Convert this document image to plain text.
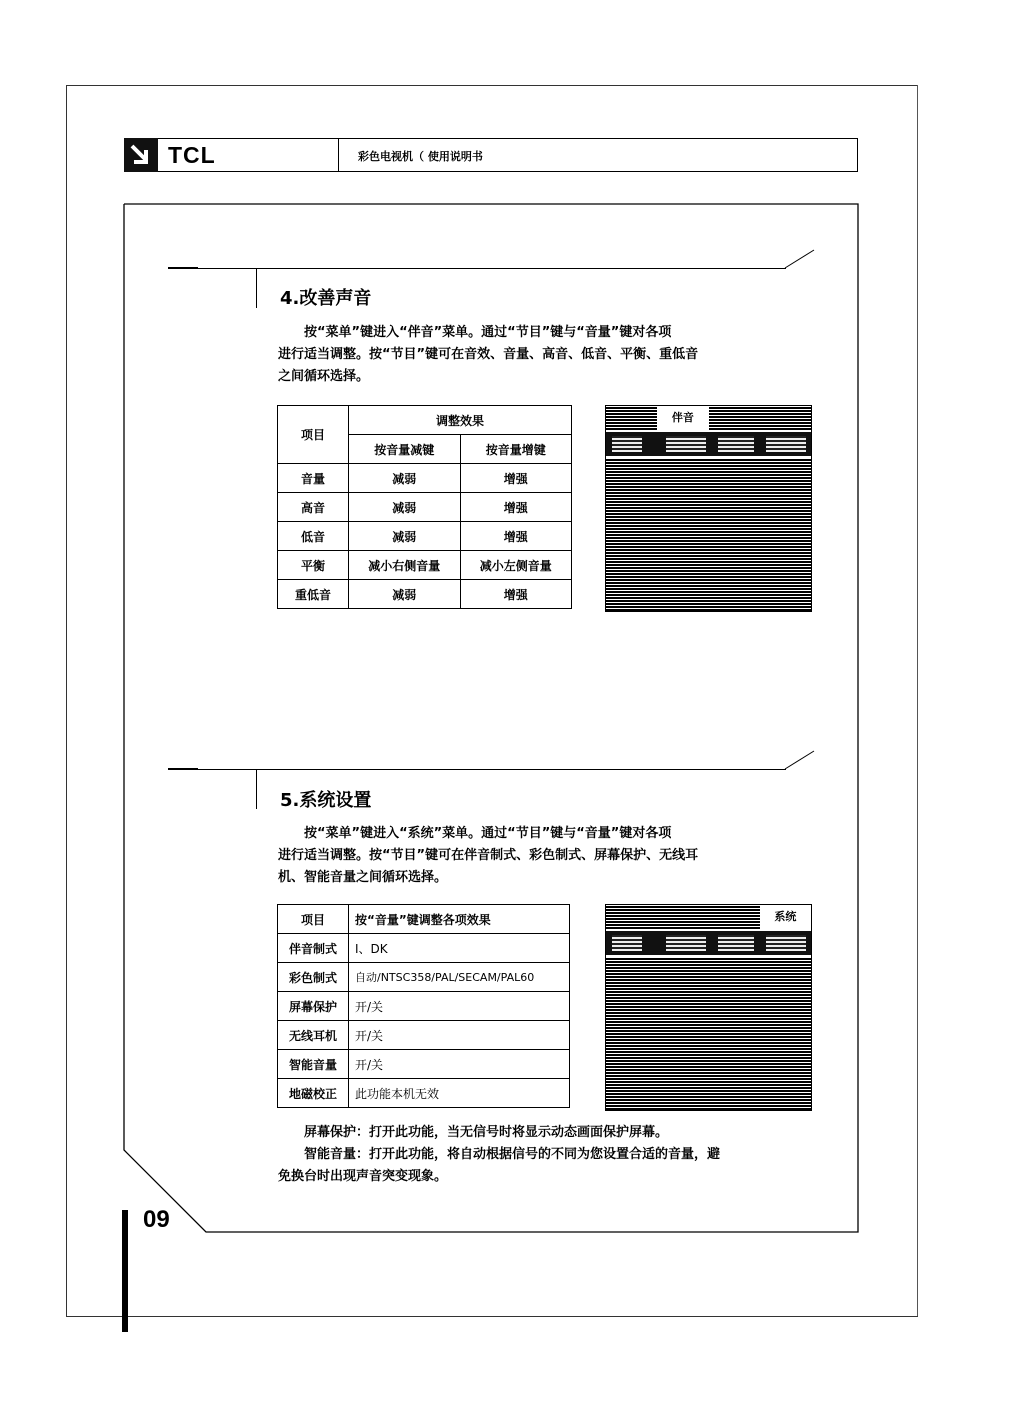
TCL	彩色电视机（ 使用说明书
4.改善声音
按“菜单”键进入“伴音”菜单。通过“节目”键与“音量”键对各项
进行适当调整。按“节目”键可在音效、音量、高音、低音、平衡、重低音
之间循环选择。
项目	调整效果	
	按音量减键	按音量增键
音量	减弱	增强
高音	减弱	增强
低音	减弱	增强
平衡	减小右侧音量	减小左侧音量
重低音	减弱	增强
伴音
5.系统设置
按“菜单”键进入“系统”菜单。通过“节目”键与“音量”键对各项
进行适当调整。按“节目”键可在伴音制式、彩色制式、屏幕保护、无线耳
机、智能音量之间循环选择。
项目	按“音量”键调整各项效果
伴音制式	I、DK
彩色制式	自动/NTSC358/PAL/SECAM/PAL60
屏幕保护	开/关
无线耳机	开/关
智能音量	开/关
地磁校正	此功能本机无效
系统
屏幕保护：打开此功能，当无信号时将显示动态画面保护屏幕。
智能音量：打开此功能，将自动根据信号的不同为您设置合适的音量，避
免换台时出现声音突变现象。
09
